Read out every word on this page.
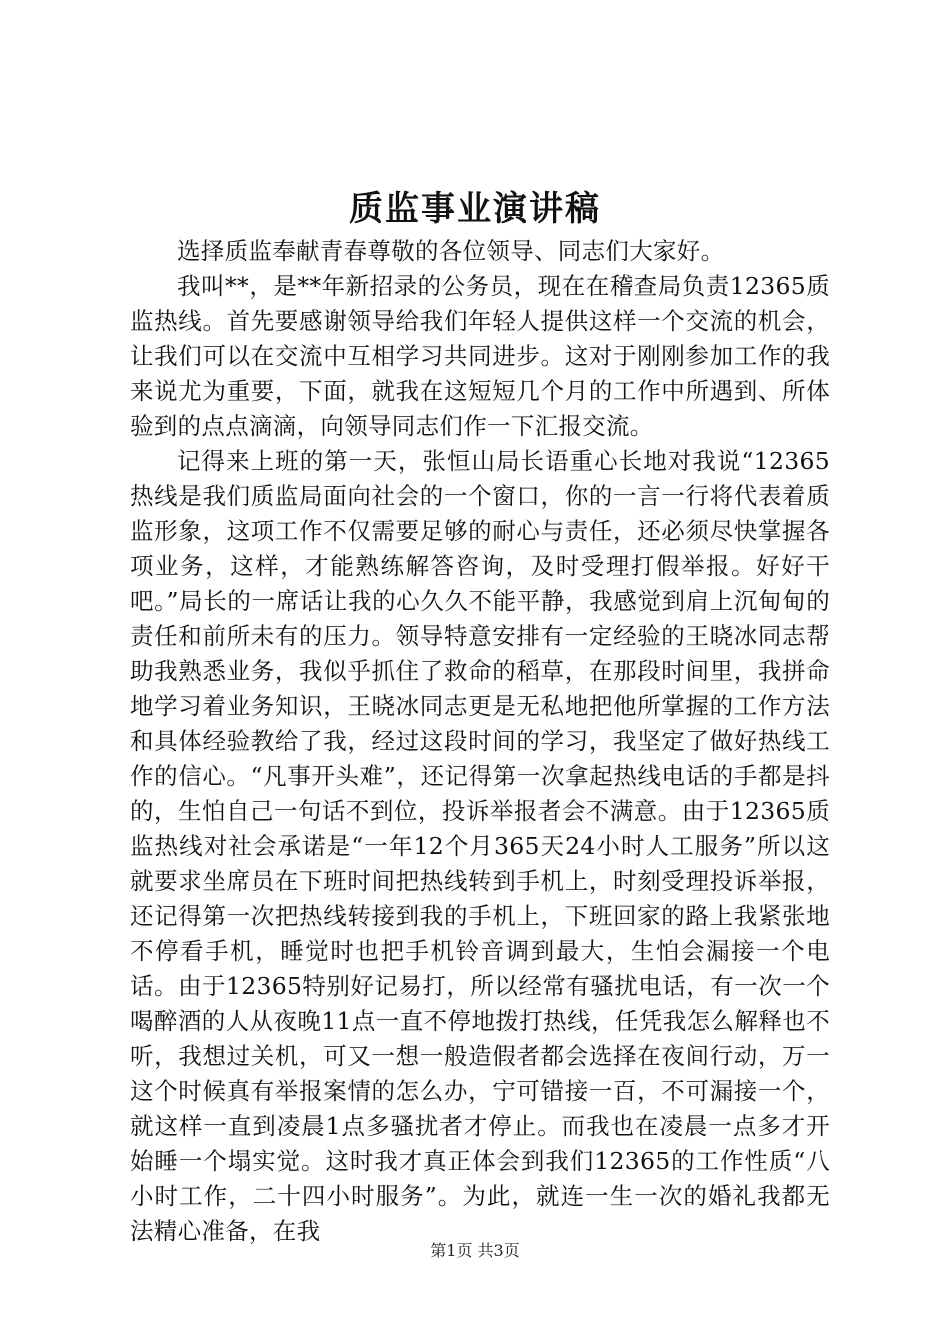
质监事业演讲稿

选择质监奉献青春尊敬的各位领导、同志们大家好。

我叫**，是**年新招录的公务员，现在在稽查局负责12365质监热线。首先要感谢领导给我们年轻人提供这样一个交流的机会，让我们可以在交流中互相学习共同进步。这对于刚刚参加工作的我来说尤为重要，下面，就我在这短短几个月的工作中所遇到、所体验到的点点滴滴，向领导同志们作一下汇报交流。

记得来上班的第一天，张恒山局长语重心长地对我说“12365热线是我们质监局面向社会的一个窗口，你的一言一行将代表着质监形象，这项工作不仅需要足够的耐心与责任，还必须尽快掌握各项业务，这样，才能熟练解答咨询，及时受理打假举报。好好干吧。”局长的一席话让我的心久久不能平静，我感觉到肩上沉甸甸的责任和前所未有的压力。领导特意安排有一定经验的王晓冰同志帮助我熟悉业务，我似乎抓住了救命的稻草，在那段时间里，我拼命地学习着业务知识，王晓冰同志更是无私地把他所掌握的工作方法和具体经验教给了我，经过这段时间的学习，我坚定了做好热线工作的信心。“凡事开头难”，还记得第一次拿起热线电话的手都是抖的，生怕自己一句话不到位，投诉举报者会不满意。由于12365质监热线对社会承诺是“一年12个月365天24小时人工服务”所以这就要求坐席员在下班时间把热线转到手机上，时刻受理投诉举报，还记得第一次把热线转接到我的手机上，下班回家的路上我紧张地不停看手机，睡觉时也把手机铃音调到最大，生怕会漏接一个电话。由于12365特别好记易打，所以经常有骚扰电话，有一次一个喝醉酒的人从夜晚11点一直不停地拨打热线，任凭我怎么解释也不听，我想过关机，可又一想一般造假者都会选择在夜间行动，万一这个时候真有举报案情的怎么办，宁可错接一百，不可漏接一个，就这样一直到凌晨1点多骚扰者才停止。而我也在凌晨一点多才开始睡一个塌实觉。这时我才真正体会到我们12365的工作性质“八小时工作，二十四小时服务”。为此，就连一生一次的婚礼我都无法精心准备，在我

第1页 共3页
